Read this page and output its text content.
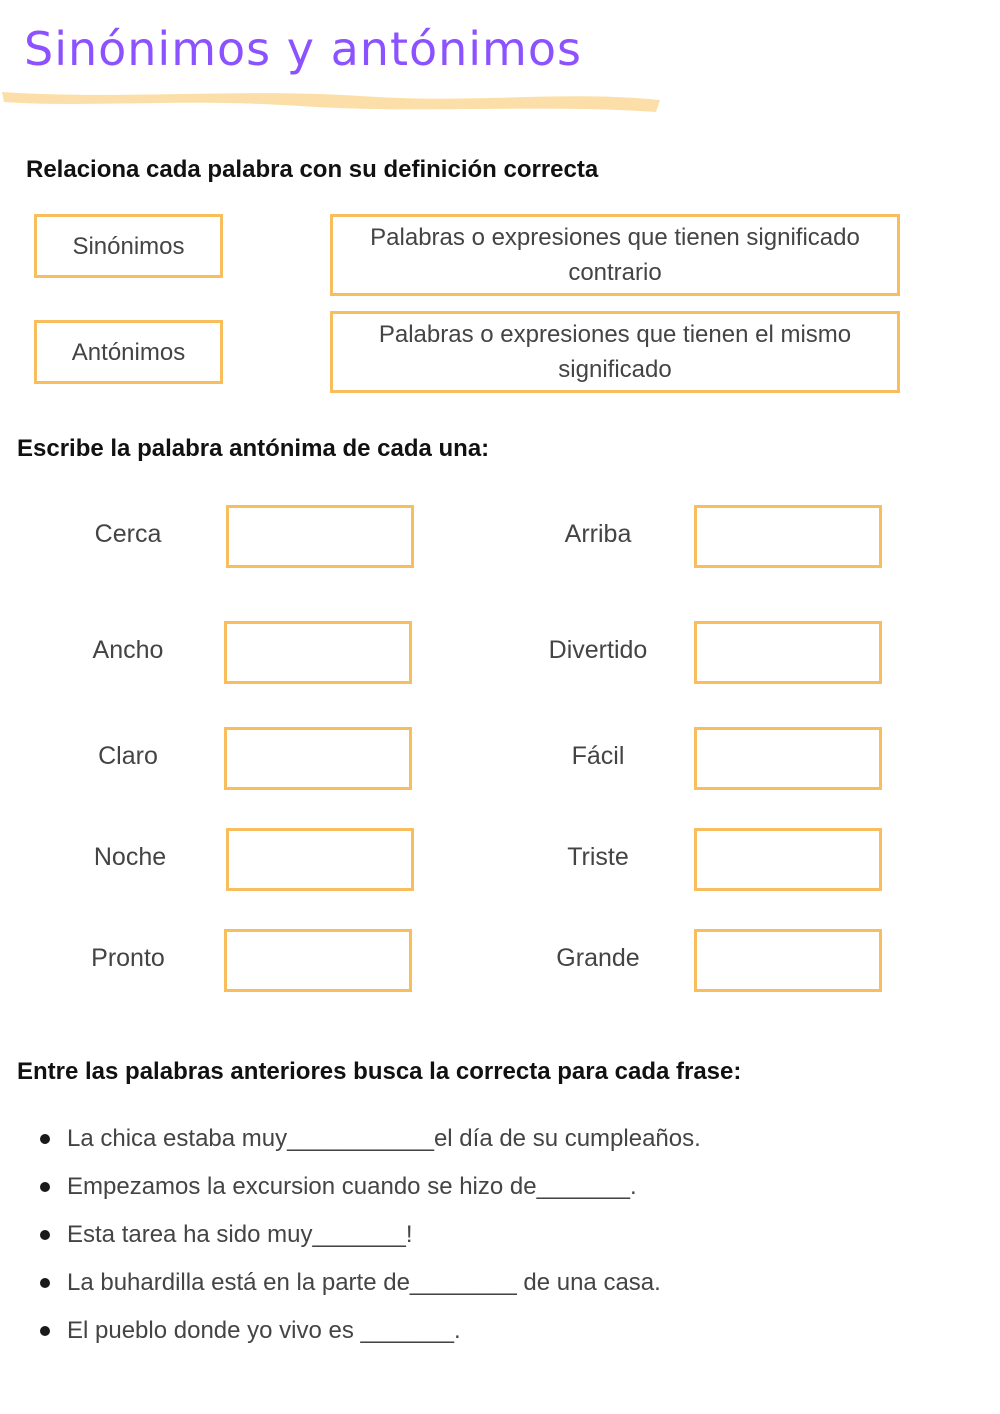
Sinónimos y antónimos
Relaciona cada palabra con su definición correcta
Sinónimos
Antónimos
Palabras o expresiones que tienen significado contrario
Palabras o expresiones que tienen el mismo significado
Escribe la palabra antónima de cada una:
Cerca	Arriba
Ancho	Divertido
Claro	Fácil
Noche	Triste
Pronto	Grande
Entre las palabras anteriores busca la correcta para cada frase:
La chica estaba muy___________el día de su cumpleaños.
Empezamos la excursion cuando se hizo de_______.
Esta tarea ha sido muy_______!
La buhardilla está en la parte de________ de una casa.
El pueblo donde yo vivo es _______.
